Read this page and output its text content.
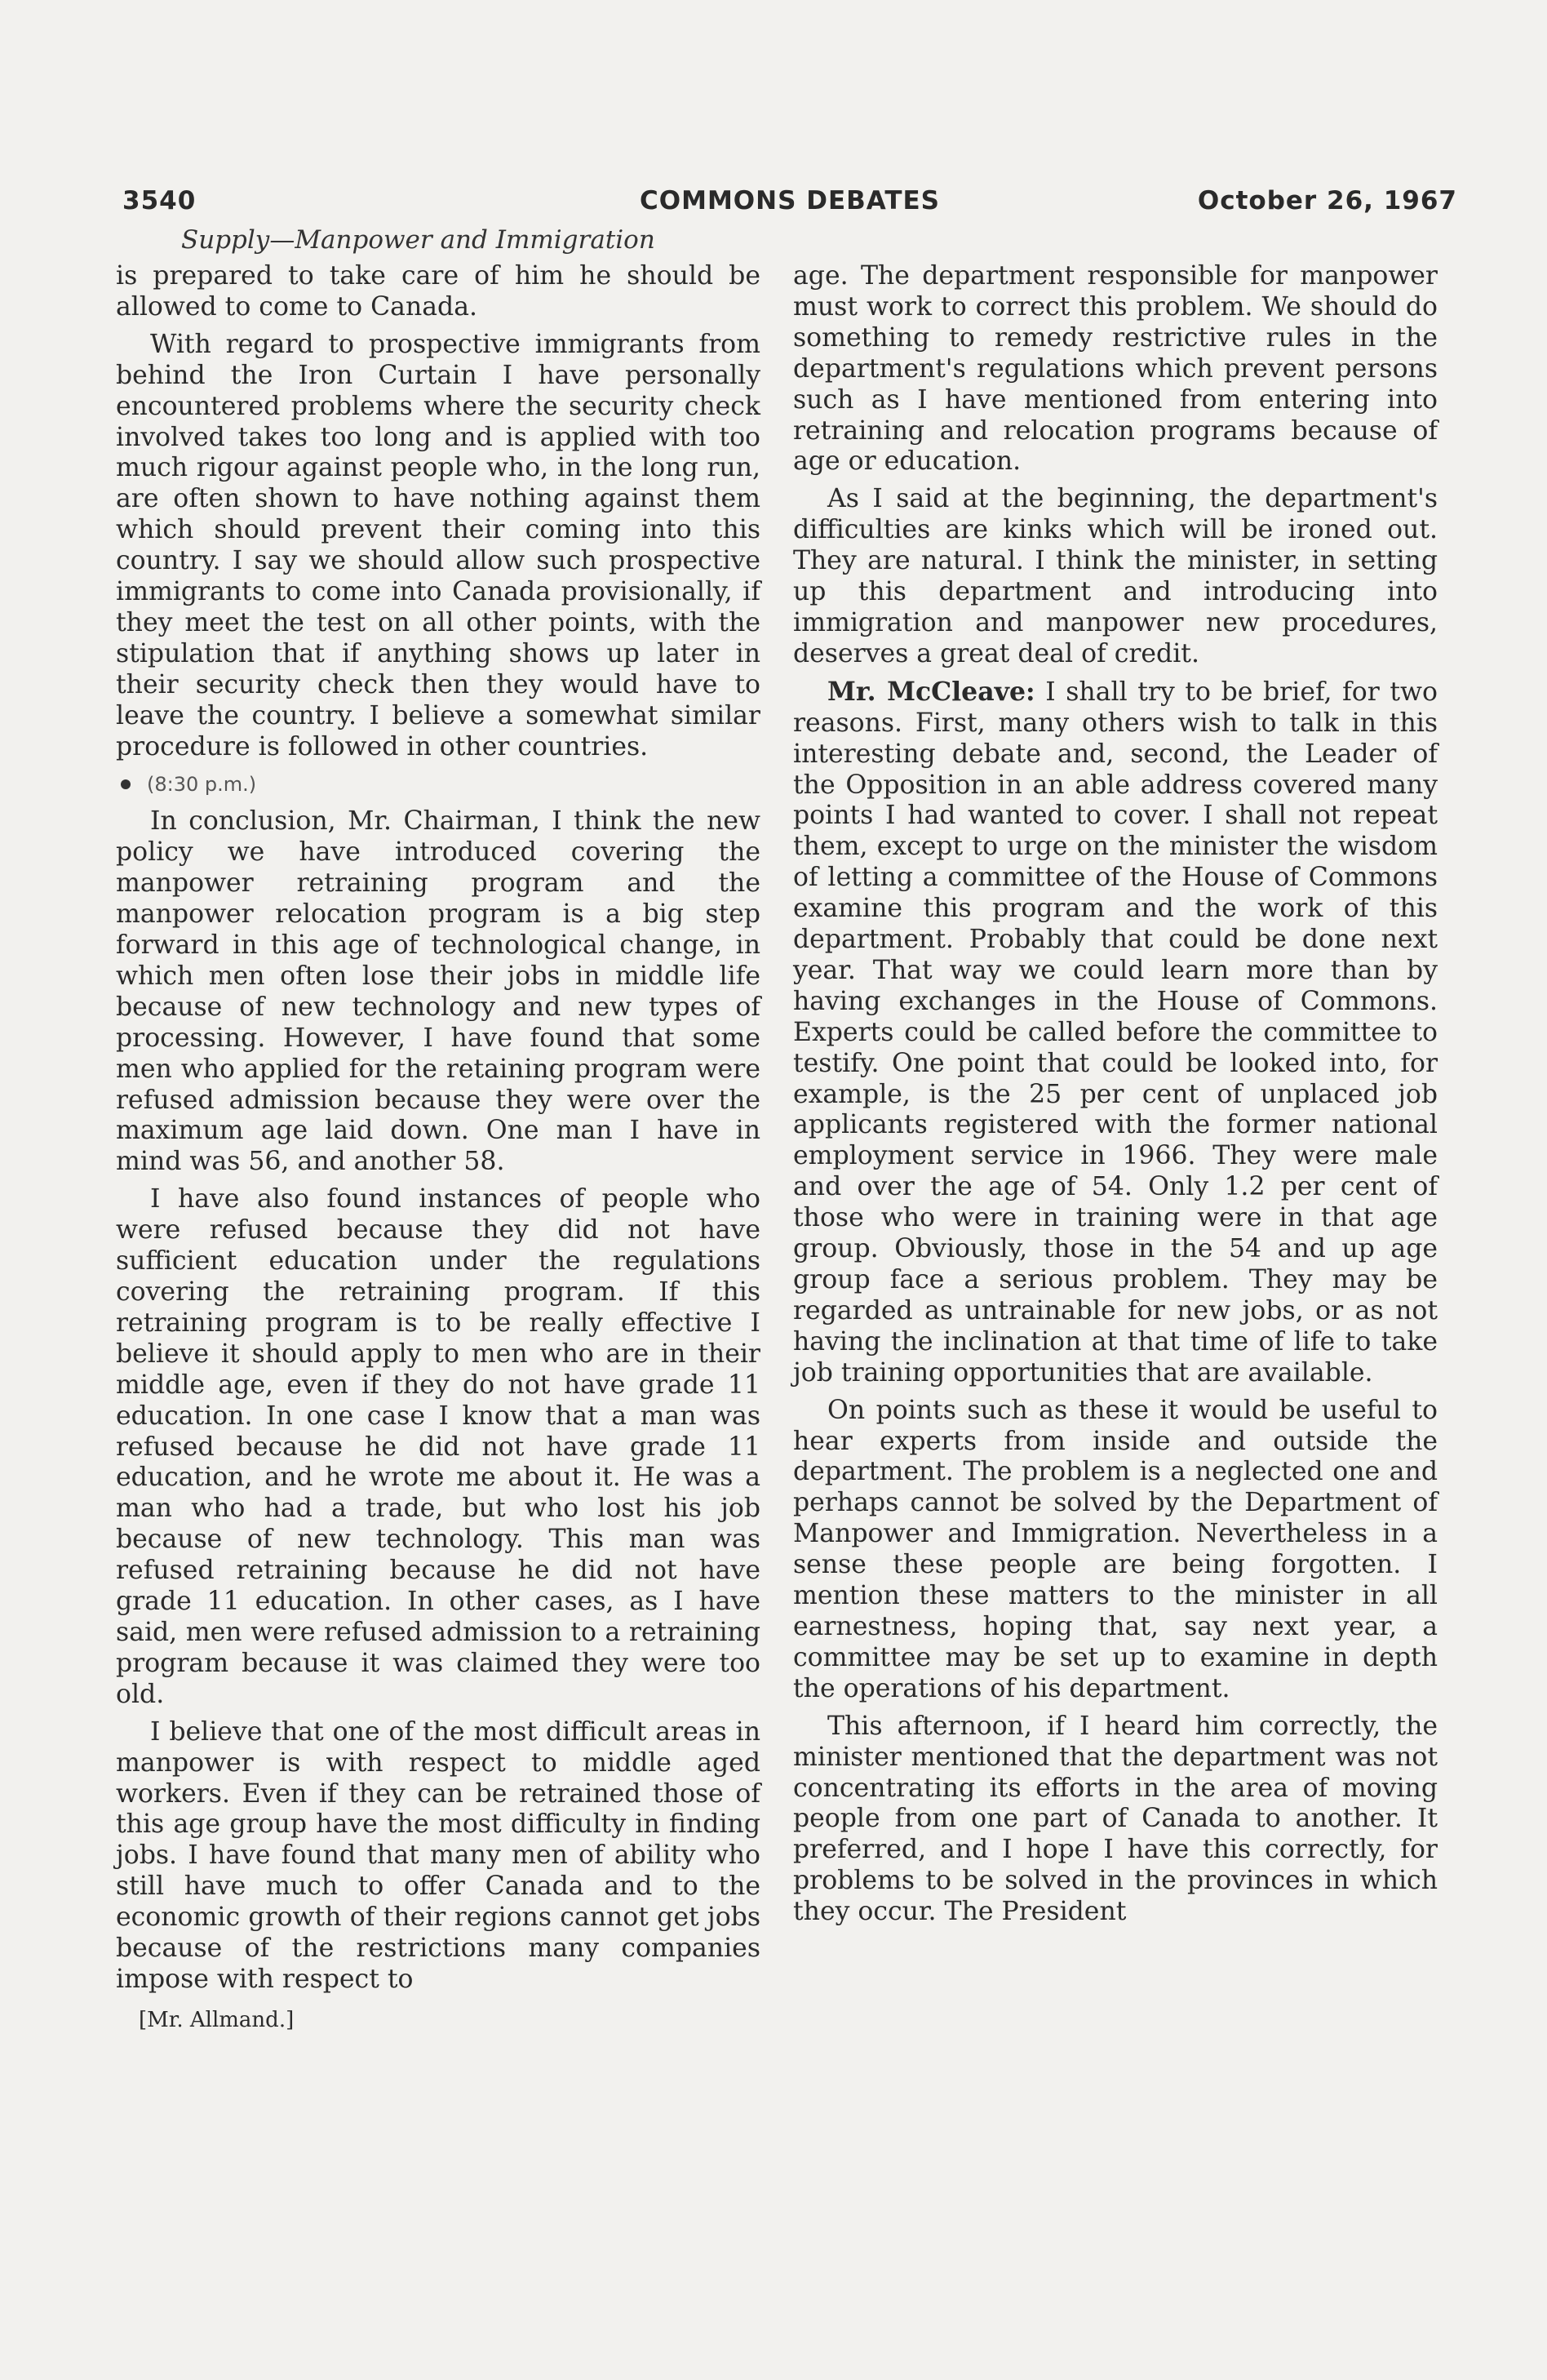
3540	COMMONS DEBATES	October 26, 1967
Supply—Manpower and Immigration

is prepared to take care of him he should be allowed to come to Canada.

With regard to prospective immigrants from behind the Iron Curtain I have personally encountered problems where the security check involved takes too long and is applied with too much rigour against people who, in the long run, are often shown to have nothing against them which should prevent their coming into this country. I say we should allow such prospective immigrants to come into Canada provisionally, if they meet the test on all other points, with the stipulation that if anything shows up later in their security check then they would have to leave the country. I believe a somewhat similar procedure is followed in other countries.

(8:30 p.m.)

In conclusion, Mr. Chairman, I think the new policy we have introduced covering the manpower retraining program and the manpower relocation program is a big step forward in this age of technological change, in which men often lose their jobs in middle life because of new technology and new types of processing. However, I have found that some men who applied for the retaining program were refused admission because they were over the maximum age laid down. One man I have in mind was 56, and another 58.

I have also found instances of people who were refused because they did not have sufficient education under the regulations covering the retraining program. If this retraining program is to be really effective I believe it should apply to men who are in their middle age, even if they do not have grade 11 education. In one case I know that a man was refused because he did not have grade 11 education, and he wrote me about it. He was a man who had a trade, but who lost his job because of new technology. This man was refused retraining because he did not have grade 11 education. In other cases, as I have said, men were refused admission to a retraining program because it was claimed they were too old.

I believe that one of the most difficult areas in manpower is with respect to middle aged workers. Even if they can be retrained those of this age group have the most difficulty in finding jobs. I have found that many men of ability who still have much to offer Canada and to the economic growth of their regions cannot get jobs because of the restrictions many companies impose with respect to

[Mr. Allmand.]

age. The department responsible for manpower must work to correct this problem. We should do something to remedy restrictive rules in the department's regulations which prevent persons such as I have mentioned from entering into retraining and relocation programs because of age or education.

As I said at the beginning, the department's difficulties are kinks which will be ironed out. They are natural. I think the minister, in setting up this department and introducing into immigration and manpower new procedures, deserves a great deal of credit.

Mr. McCleave: I shall try to be brief, for two reasons. First, many others wish to talk in this interesting debate and, second, the Leader of the Opposition in an able address covered many points I had wanted to cover. I shall not repeat them, except to urge on the minister the wisdom of letting a committee of the House of Commons examine this program and the work of this department. Probably that could be done next year. That way we could learn more than by having exchanges in the House of Commons. Experts could be called before the committee to testify. One point that could be looked into, for example, is the 25 per cent of unplaced job applicants registered with the former national employment service in 1966. They were male and over the age of 54. Only 1.2 per cent of those who were in training were in that age group. Obviously, those in the 54 and up age group face a serious problem. They may be regarded as untrainable for new jobs, or as not having the inclination at that time of life to take job training opportunities that are available.

On points such as these it would be useful to hear experts from inside and outside the department. The problem is a neglected one and perhaps cannot be solved by the Department of Manpower and Immigration. Nevertheless in a sense these people are being forgotten. I mention these matters to the minister in all earnestness, hoping that, say next year, a committee may be set up to examine in depth the operations of his department.

This afternoon, if I heard him correctly, the minister mentioned that the department was not concentrating its efforts in the area of moving people from one part of Canada to another. It preferred, and I hope I have this correctly, for problems to be solved in the provinces in which they occur. The President
